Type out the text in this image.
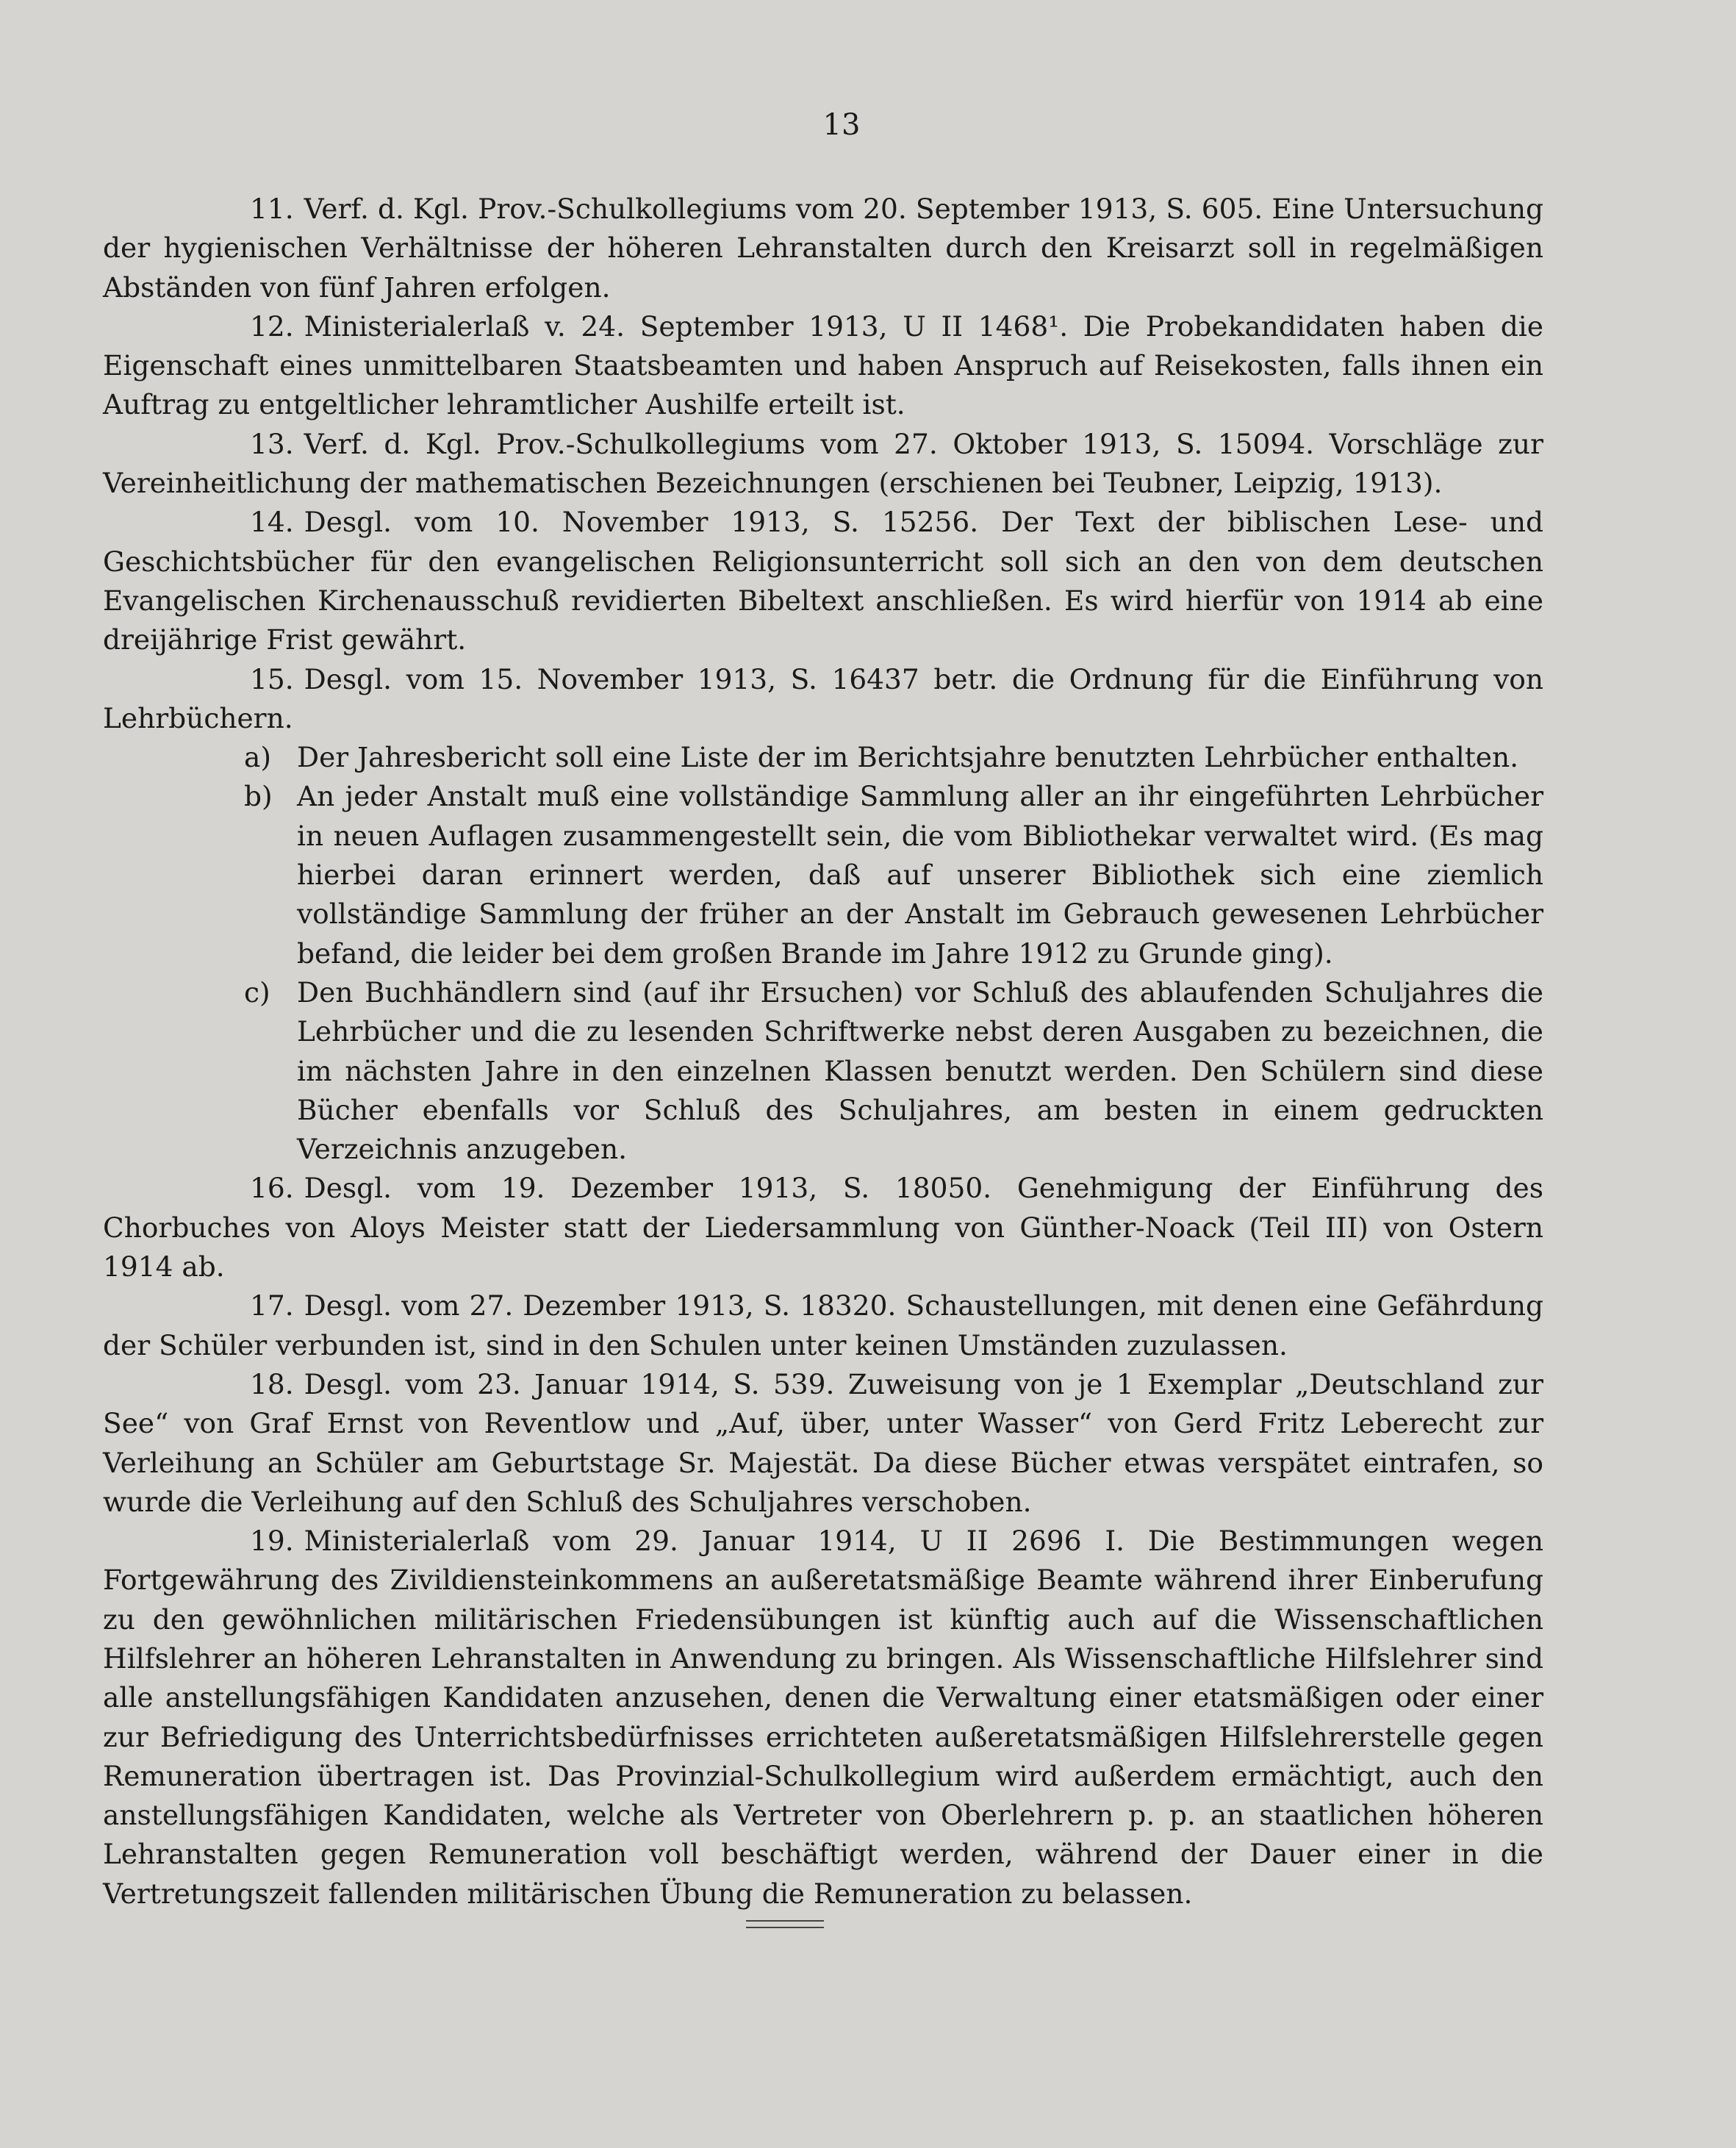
13

11. Verf. d. Kgl. Prov.-Schulkollegiums vom 20. September 1913, S. 605. Eine Untersuchung der hygienischen Verhältnisse der höheren Lehranstalten durch den Kreisarzt soll in regelmäßigen Abständen von fünf Jahren erfolgen.

12. Ministerialerlaß v. 24. September 1913, U II 1468¹. Die Probekandidaten haben die Eigenschaft eines unmittelbaren Staatsbeamten und haben Anspruch auf Reisekosten, falls ihnen ein Auftrag zu entgeltlicher lehramtlicher Aushilfe erteilt ist.

13. Verf. d. Kgl. Prov.-Schulkollegiums vom 27. Oktober 1913, S. 15094. Vorschläge zur Vereinheitlichung der mathematischen Bezeichnungen (erschienen bei Teubner, Leipzig, 1913).

14. Desgl. vom 10. November 1913, S. 15256. Der Text der biblischen Lese- und Geschichtsbücher für den evangelischen Religionsunterricht soll sich an den von dem deutschen Evangelischen Kirchenausschuß revidierten Bibeltext anschließen. Es wird hierfür von 1914 ab eine dreijährige Frist gewährt.

15. Desgl. vom 15. November 1913, S. 16437 betr. die Ordnung für die Einführung von Lehrbüchern.

a) Der Jahresbericht soll eine Liste der im Berichtsjahre benutzten Lehrbücher enthalten.
b) An jeder Anstalt muß eine vollständige Sammlung aller an ihr eingeführten Lehrbücher in neuen Auflagen zusammengestellt sein, die vom Bibliothekar verwaltet wird. (Es mag hierbei daran erinnert werden, daß auf unserer Bibliothek sich eine ziemlich vollständige Sammlung der früher an der Anstalt im Gebrauch gewesenen Lehrbücher befand, die leider bei dem großen Brande im Jahre 1912 zu Grunde ging).
c) Den Buchhändlern sind (auf ihr Ersuchen) vor Schluß des ablaufenden Schuljahres die Lehrbücher und die zu lesenden Schriftwerke nebst deren Ausgaben zu bezeichnen, die im nächsten Jahre in den einzelnen Klassen benutzt werden. Den Schülern sind diese Bücher ebenfalls vor Schluß des Schuljahres, am besten in einem gedruckten Verzeichnis anzugeben.

16. Desgl. vom 19. Dezember 1913, S. 18050. Genehmigung der Einführung des Chorbuches von Aloys Meister statt der Liedersammlung von Günther-Noack (Teil III) von Ostern 1914 ab.

17. Desgl. vom 27. Dezember 1913, S. 18320. Schaustellungen, mit denen eine Gefährdung der Schüler verbunden ist, sind in den Schulen unter keinen Umständen zuzulassen.

18. Desgl. vom 23. Januar 1914, S. 539. Zuweisung von je 1 Exemplar „Deutschland zur See“ von Graf Ernst von Reventlow und „Auf, über, unter Wasser“ von Gerd Fritz Leberecht zur Verleihung an Schüler am Geburtstage Sr. Majestät. Da diese Bücher etwas verspätet eintrafen, so wurde die Verleihung auf den Schluß des Schuljahres verschoben.

19. Ministerialerlaß vom 29. Januar 1914, U II 2696 I. Die Bestimmungen wegen Fortgewährung des Zivildiensteinkommens an außeretatsmäßige Beamte während ihrer Einberufung zu den gewöhnlichen militärischen Friedensübungen ist künftig auch auf die Wissenschaftlichen Hilfslehrer an höheren Lehranstalten in Anwendung zu bringen. Als Wissenschaftliche Hilfslehrer sind alle anstellungsfähigen Kandidaten anzusehen, denen die Verwaltung einer etatsmäßigen oder einer zur Befriedigung des Unterrichtsbedürfnisses errichteten außeretatsmäßigen Hilfslehrerstelle gegen Remuneration übertragen ist. Das Provinzial-Schulkollegium wird außerdem ermächtigt, auch den anstellungsfähigen Kandidaten, welche als Vertreter von Oberlehrern p. p. an staatlichen höheren Lehranstalten gegen Remuneration voll beschäftigt werden, während der Dauer einer in die Vertretungszeit fallenden militärischen Übung die Remuneration zu belassen.
